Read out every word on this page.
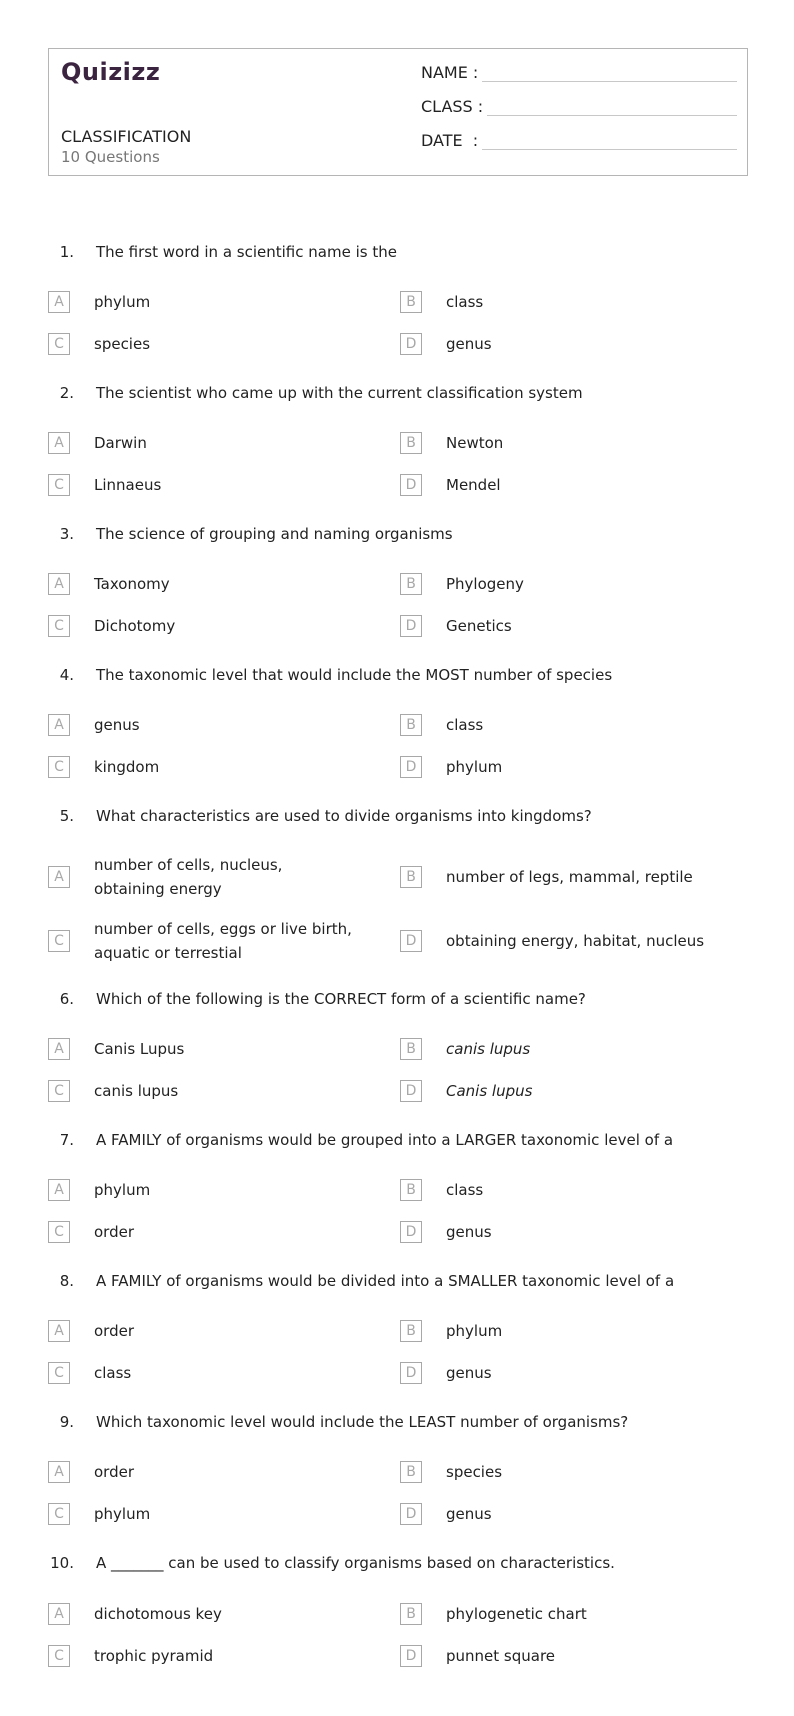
Quizizz
CLASSIFICATION
10 Questions
NAME :
CLASS :
DATE  :
1. The first word in a scientific name is the
A	phylum	B	class
C	species	D	genus
2. The scientist who came up with the current classification system
A	Darwin	B	Newton
C	Linnaeus	D	Mendel
3. The science of grouping and naming organisms
A	Taxonomy	B	Phylogeny
C	Dichotomy	D	Genetics
4. The taxonomic level that would include the MOST number of species
A	genus	B	class
C	kingdom	D	phylum
5. What characteristics are used to divide organisms into kingdoms?
A
number of cells, nucleus, obtaining energy
B	number of legs, mammal, reptile
C
number of cells, eggs or live birth, aquatic or terrestial
D	obtaining energy, habitat, nucleus
6. Which of the following is the CORRECT form of a scientific name?
A	Canis Lupus	B	canis lupus
C	canis lupus	D	Canis lupus
7. A FAMILY of organisms would be grouped into a LARGER taxonomic level of a
A	phylum	B	class
C	order	D	genus
8. A FAMILY of organisms would be divided into a SMALLER taxonomic level of a
A	order	B	phylum
C	class	D	genus
9. Which taxonomic level would include the LEAST number of organisms?
A	order	B	species
C	phylum	D	genus
10. A _______ can be used to classify organisms based on characteristics.
A	dichotomous key	B	phylogenetic chart
C	trophic pyramid	D	punnet square
